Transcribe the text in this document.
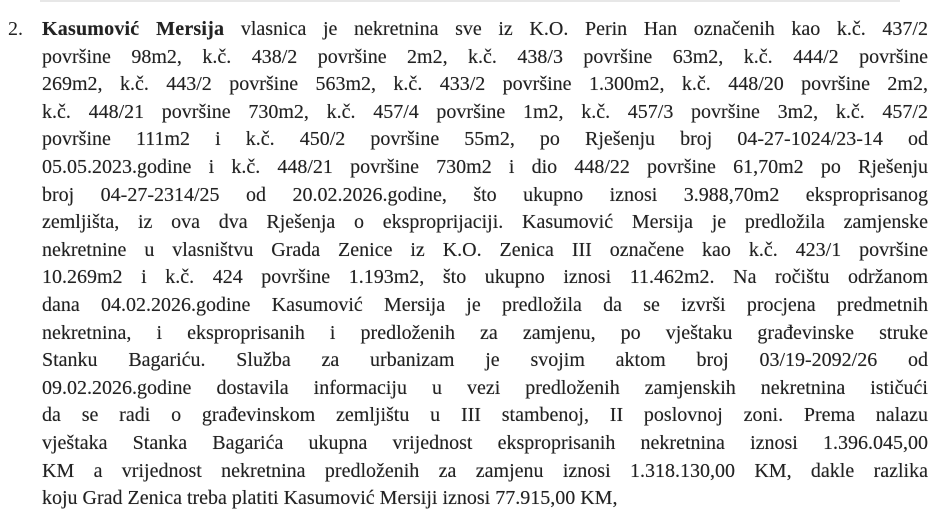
2. Kasumović Mersija vlasnica je nekretnina sve iz K.O. Perin Han označenih kao k.č. 437/2
površine 98m2, k.č. 438/2 površine 2m2, k.č. 438/3 površine 63m2, k.č. 444/2 površine
269m2, k.č. 443/2 površine 563m2, k.č. 433/2 površine 1.300m2, k.č. 448/20 površine 2m2,
k.č. 448/21 površine 730m2, k.č. 457/4 površine 1m2, k.č. 457/3 površine 3m2, k.č. 457/2
površine 111m2 i k.č. 450/2 površine 55m2, po Rješenju broj 04-27-1024/23-14 od
05.05.2023.godine i k.č. 448/21 površine 730m2 i dio 448/22 površine 61,70m2 po Rješenju
broj 04-27-2314/25 od 20.02.2026.godine, što ukupno iznosi 3.988,70m2 eksproprisanog
zemljišta, iz ova dva Rješenja o eksproprijaciji. Kasumović Mersija je predložila zamjenske
nekretnine u vlasništvu Grada Zenice iz K.O. Zenica III označene kao k.č. 423/1 površine
10.269m2 i k.č. 424 površine 1.193m2, što ukupno iznosi 11.462m2. Na ročištu održanom
dana 04.02.2026.godine Kasumović Mersija je predložila da se izvrši procjena predmetnih
nekretnina, i eksproprisanih i predloženih za zamjenu, po vještaku građevinske struke
Stanku Bagariću. Služba za urbanizam je svojim aktom broj 03/19-2092/26 od
09.02.2026.godine dostavila informaciju u vezi predloženih zamjenskih nekretnina ističući
da se radi o građevinskom zemljištu u III stambenoj, II poslovnoj zoni. Prema nalazu
vještaka Stanka Bagarića ukupna vrijednost eksproprisanih nekretnina iznosi 1.396.045,00
KM a vrijednost nekretnina predloženih za zamjenu iznosi 1.318.130,00 KM, dakle razlika
koju Grad Zenica treba platiti Kasumović Mersiji iznosi 77.915,00 KM,
